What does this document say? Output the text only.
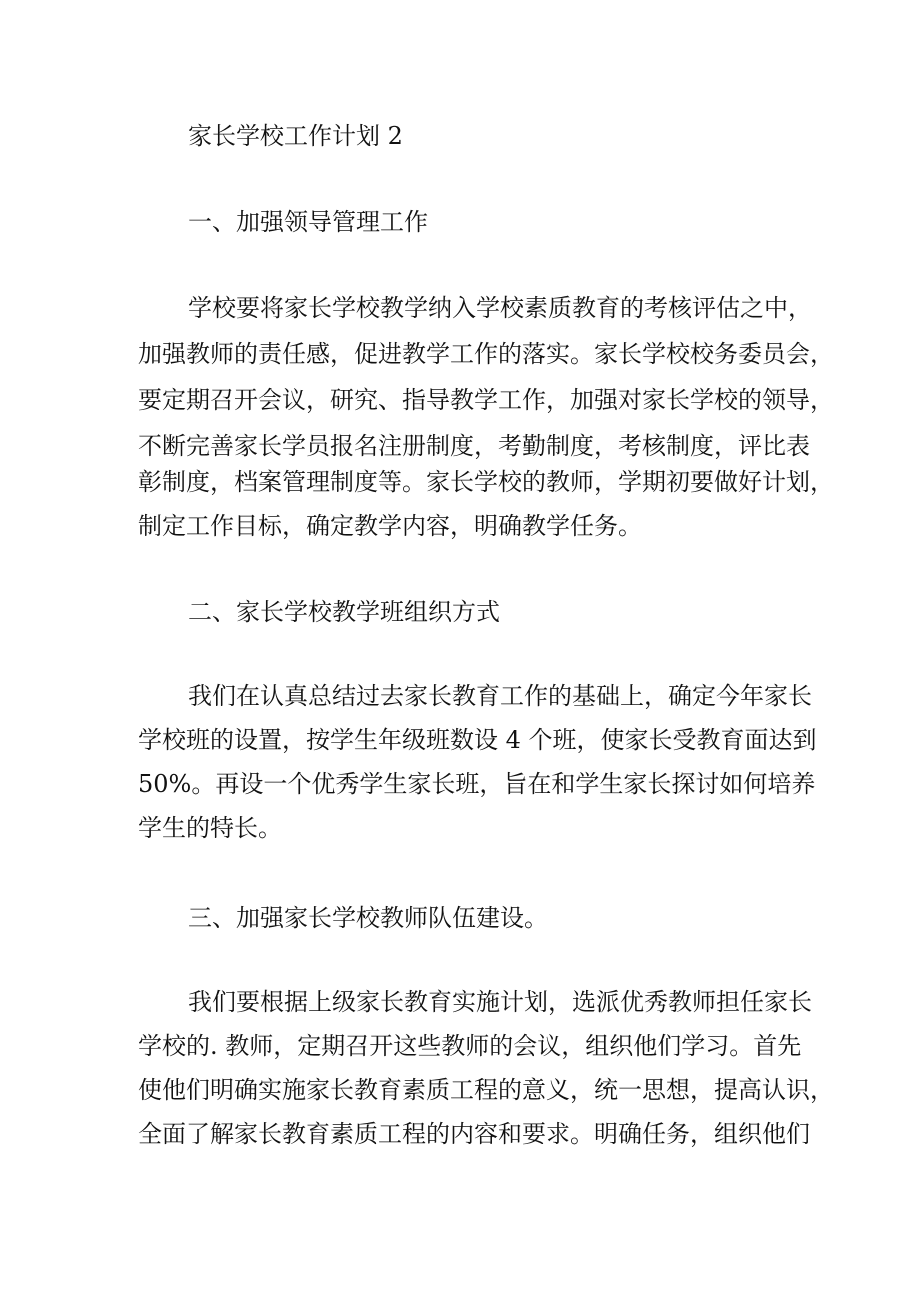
家长学校工作计划 2
一、加强领导管理工作
学校要将家长学校教学纳入学校素质教育的考核评估之中，
加强教师的责任感，促进教学工作的落实。家长学校校务委员会，
要定期召开会议，研究、指导教学工作，加强对家长学校的领导，
不断完善家长学员报名注册制度，考勤制度，考核制度，评比表
彰制度，档案管理制度等。家长学校的教师，学期初要做好计划，
制定工作目标，确定教学内容，明确教学任务。
二、家长学校教学班组织方式
我们在认真总结过去家长教育工作的基础上，确定今年家长
学校班的设置，按学生年级班数设 4 个班，使家长受教育面达到
50%。再设一个优秀学生家长班，旨在和学生家长探讨如何培养
学生的特长。
三、加强家长学校教师队伍建设。
我们要根据上级家长教育实施计划，选派优秀教师担任家长
学校的. 教师，定期召开这些教师的会议，组织他们学习。首先
使他们明确实施家长教育素质工程的意义，统一思想，提高认识，
全面了解家长教育素质工程的内容和要求。明确任务，组织他们
